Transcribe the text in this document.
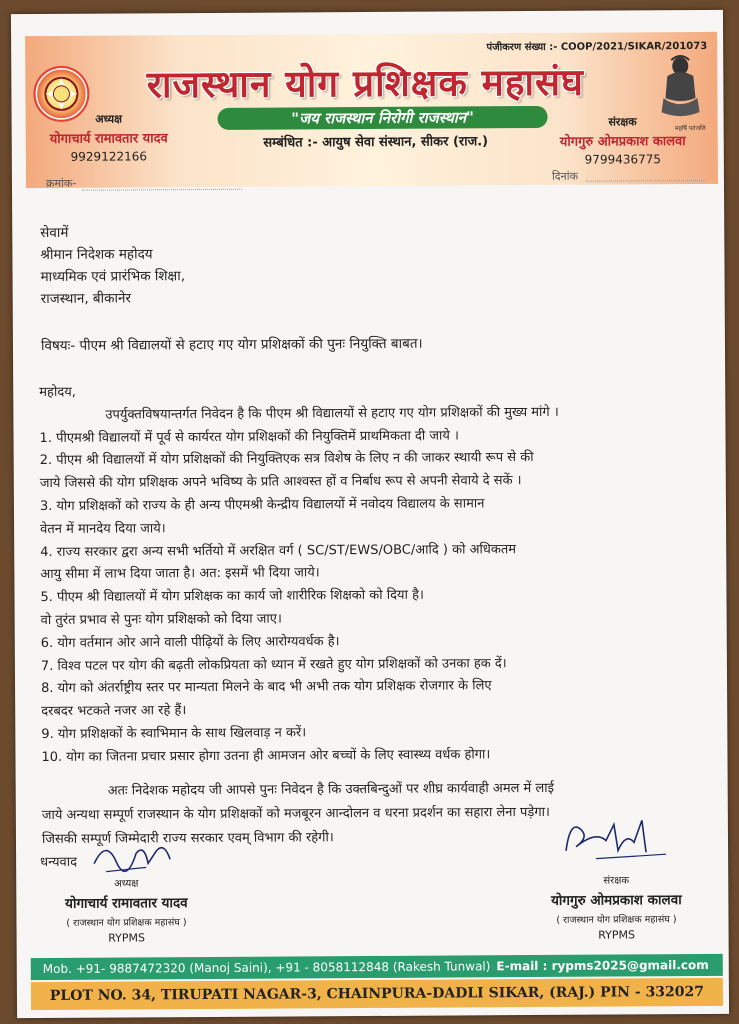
पंजीकरण संख्या :- COOP/2021/SIKAR/201073
राजस्थान योग प्रशिक्षक महासंघ
"जय राजस्थान निरोगी राजस्थान"
सम्बंधित :- आयुष सेवा संस्थान, सीकर (राज.)
महर्षि पतंजलि
अध्यक्ष
योगाचार्य रामावतार यादव
9929122166
संरक्षक
योगगुरु ओमप्रकाश कालवा
9799436775
क्रमांक-
दिनांक
सेवामें
श्रीमान निदेशक महोदय
माध्यमिक एवं प्रारंभिक शिक्षा,
राजस्थान, बीकानेर
विषयः- पीएम श्री विद्यालयों से हटाए गए योग प्रशिक्षकों की पुनः नियुक्ति बाबत।
महोदय,
उपर्युक्तविषयान्तर्गत निवेदन है कि पीएम श्री विद्यालयों से हटाए गए योग प्रशिक्षकों की मुख्य मांगे ।
1. पीएमश्री विद्यालयों में पूर्व से कार्यरत योग प्रशिक्षकों की नियुक्तिमें प्राथमिकता दी जाये ।
2. पीएम श्री विद्यालयों में योग प्रशिक्षकों की नियुक्तिएक सत्र विशेष के लिए न की जाकर स्थायी रूप से की
जाये जिससे की योग प्रशिक्षक अपने भविष्य के प्रति आश्वस्त हों व निर्बाध रूप से अपनी सेवाये दे सकें ।
3. योग प्रशिक्षकों को राज्य के ही अन्य पीएमश्री केन्द्रीय विद्यालयों में नवोदय विद्यालय के सामान
वेतन में मानदेय दिया जाये।
4. राज्य सरकार द्वरा अन्य सभी भर्तियो में अरक्षित वर्ग ( SC/ST/EWS/OBC/आदि ) को अधिकतम
आयु सीमा में लाभ दिया जाता है। अत: इसमें भी दिया जाये।
5. पीएम श्री विद्यालयों में योग प्रशिक्षक का कार्य जो शारीरिक शिक्षको को दिया है।
वो तुरंत प्रभाव से पुनः योग प्रशिक्षको को दिया जाए।
6. योग वर्तमान ओर आने वाली पीढ़ियों के लिए आरोग्यवर्धक है।
7. विश्व पटल पर योग की बढ़ती लोकप्रियता को ध्यान में रखते हुए योग प्रशिक्षकों को उनका हक दें।
8. योग को अंतर्राष्ट्रीय स्तर पर मान्यता मिलने के बाद भी अभी तक योग प्रशिक्षक रोजगार के लिए
दरबदर भटकते नजर आ रहे हैं।
9. योग प्रशिक्षकों के स्वाभिमान के साथ खिलवाड़ न करें।
10. योग का जितना प्रचार प्रसार होगा उतना ही आमजन ओर बच्चों के लिए स्वास्थ्य वर्धक होगा।
अतः निदेशक महोदय जी आपसे पुनः निवेदन है कि उक्तबिन्दुओं पर शीघ्र कार्यवाही अमल में लाई
जाये अन्यथा सम्पूर्ण राजस्थान के योग प्रशिक्षकों को मजबूरन आन्दोलन व धरना प्रदर्शन का सहारा लेना पड़ेगा।
जिसकी सम्पूर्ण जिम्मेदारी राज्य सरकार एवम् विभाग की रहेगी।
धन्यवाद
अध्यक्ष
योगाचार्य रामावतार यादव
( राजस्थान योग प्रशिक्षक महासंघ )
RYPMS
संरक्षक
योगगुरु ओमप्रकाश कालवा
( राजस्थान योग प्रशिक्षक महासंघ )
RYPMS
Mob. +91- 9887472320 (Manoj Saini), +91 - 8058112848 (Rakesh Tunwal) E-mail : rypms2025@gmail.com
PLOT NO. 34, TIRUPATI NAGAR-3, CHAINPURA-DADLI SIKAR, (RAJ.) PIN - 332027
